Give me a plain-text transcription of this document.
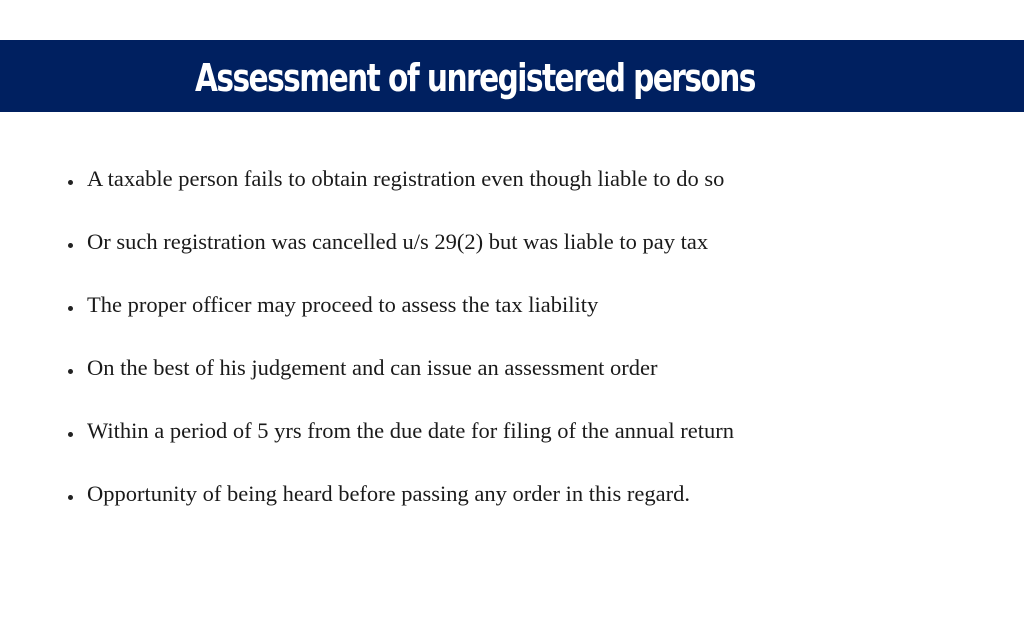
Assessment of unregistered persons
A taxable person fails to obtain registration even though liable to do so
Or such registration was cancelled u/s 29(2) but was liable to pay tax
The proper officer may proceed to assess the tax liability
On the best of his judgement and can issue an assessment order
Within a period of 5 yrs from the due date for filing of the annual return
Opportunity of being heard before passing any order in this regard.
